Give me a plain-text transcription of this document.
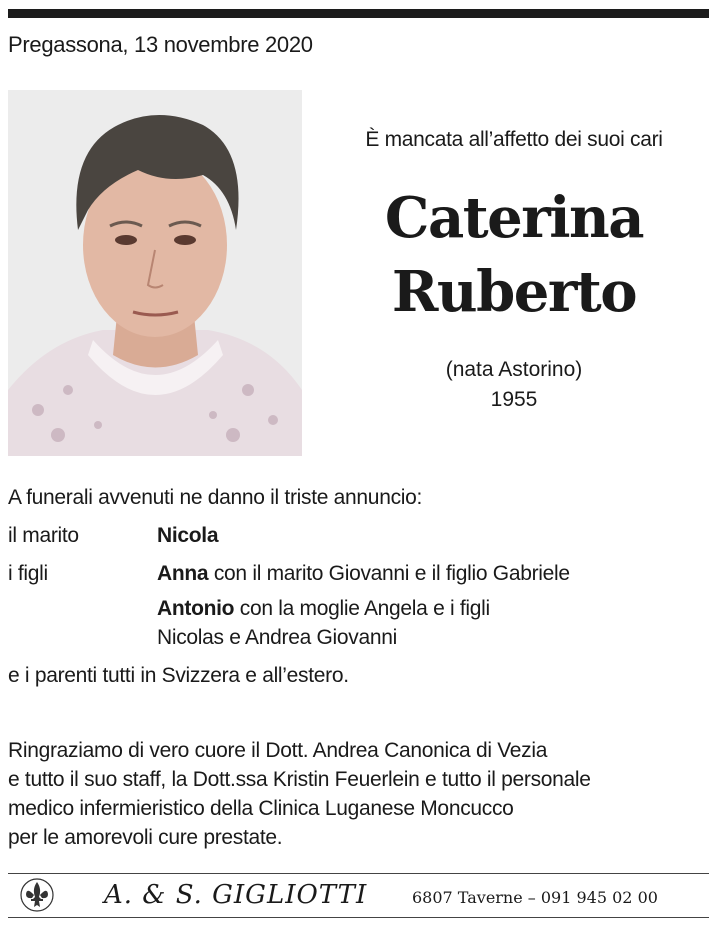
Pregassona, 13 novembre 2020
È mancata all’affetto dei suoi cari
Caterina
Ruberto
(nata Astorino)
1955
A funerali avvenuti ne danno il triste annuncio:
il marito	Nicola
i figli	Anna con il marito Giovanni e il figlio Gabriele
Antonio con la moglie Angela e i figli
Nicolas e Andrea Giovanni
e i parenti tutti in Svizzera e all’estero.
Ringraziamo di vero cuore il Dott. Andrea Canonica di Vezia
e tutto il suo staff, la Dott.ssa Kristin Feuerlein e tutto il personale
medico infermieristico della Clinica Luganese Moncucco
per le amorevoli cure prestate.
A. & S. GIGLIOTTI	6807 Taverne – 091 945 02 00
